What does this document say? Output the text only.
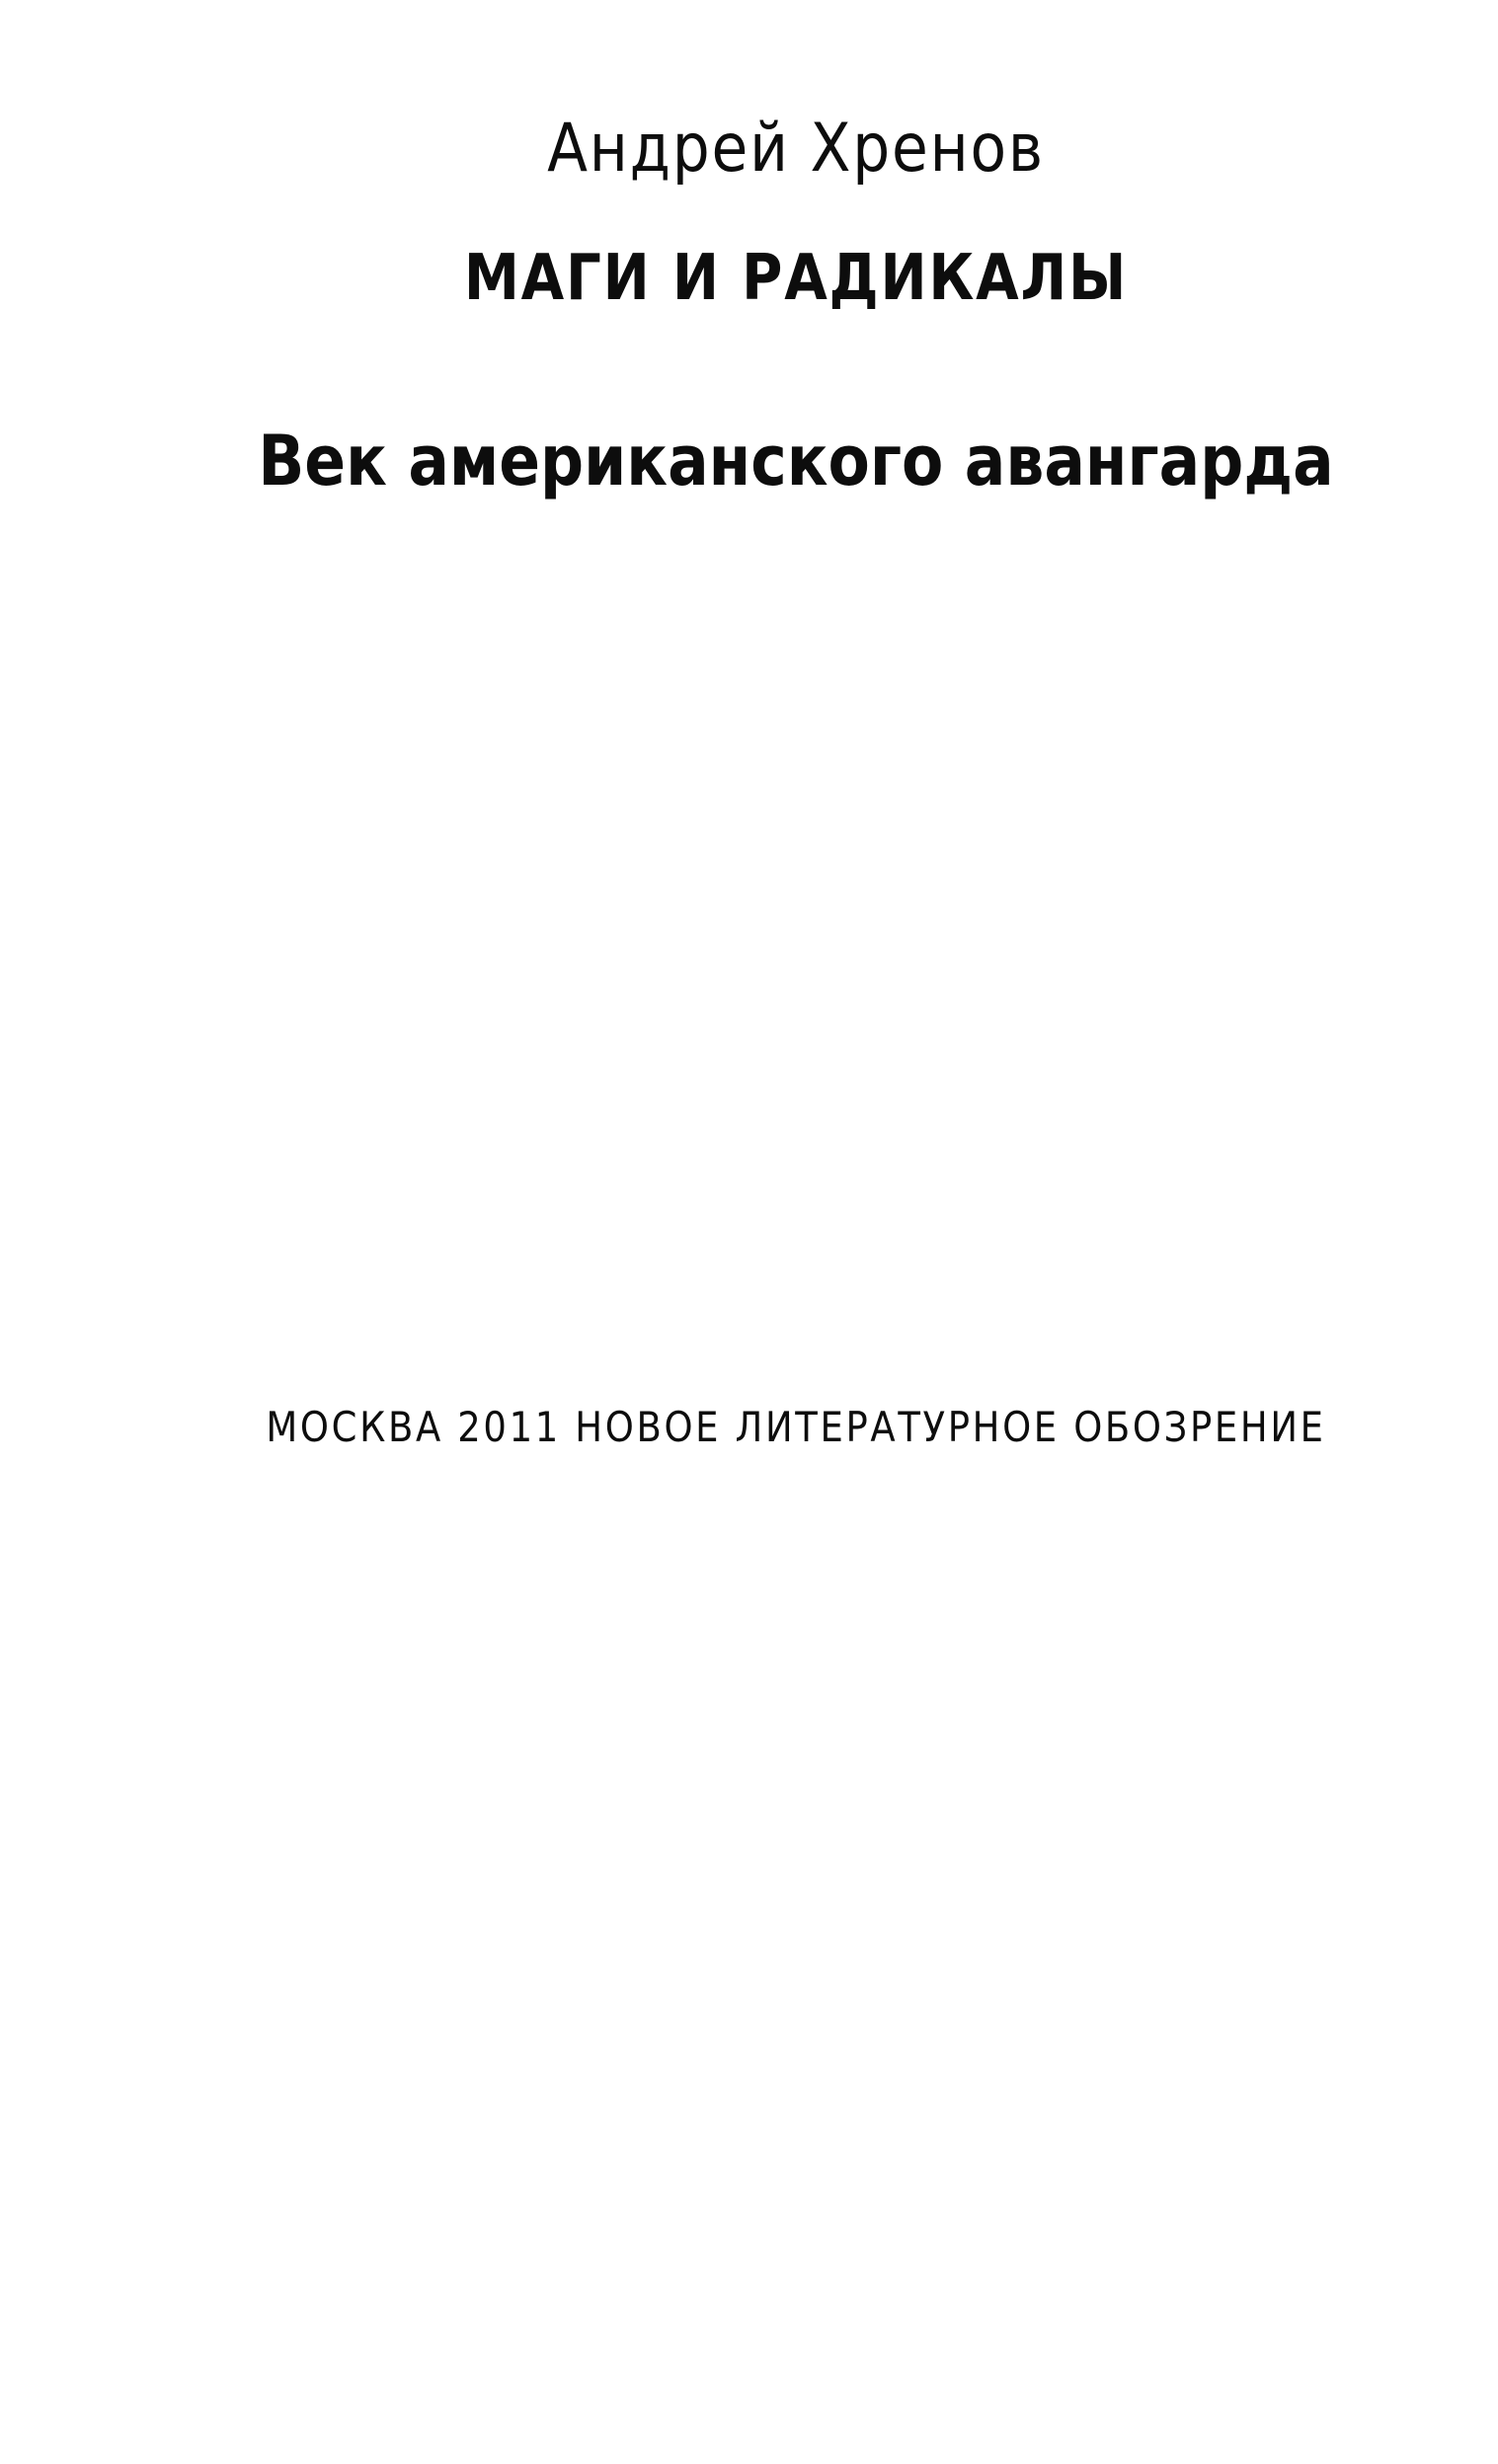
Андрей Хренов
МАГИ И РАДИКАЛЫ
Век американского авангарда
МОСКВА 2011 НОВОЕ ЛИТЕРАТУРНОЕ ОБОЗРЕНИЕ
